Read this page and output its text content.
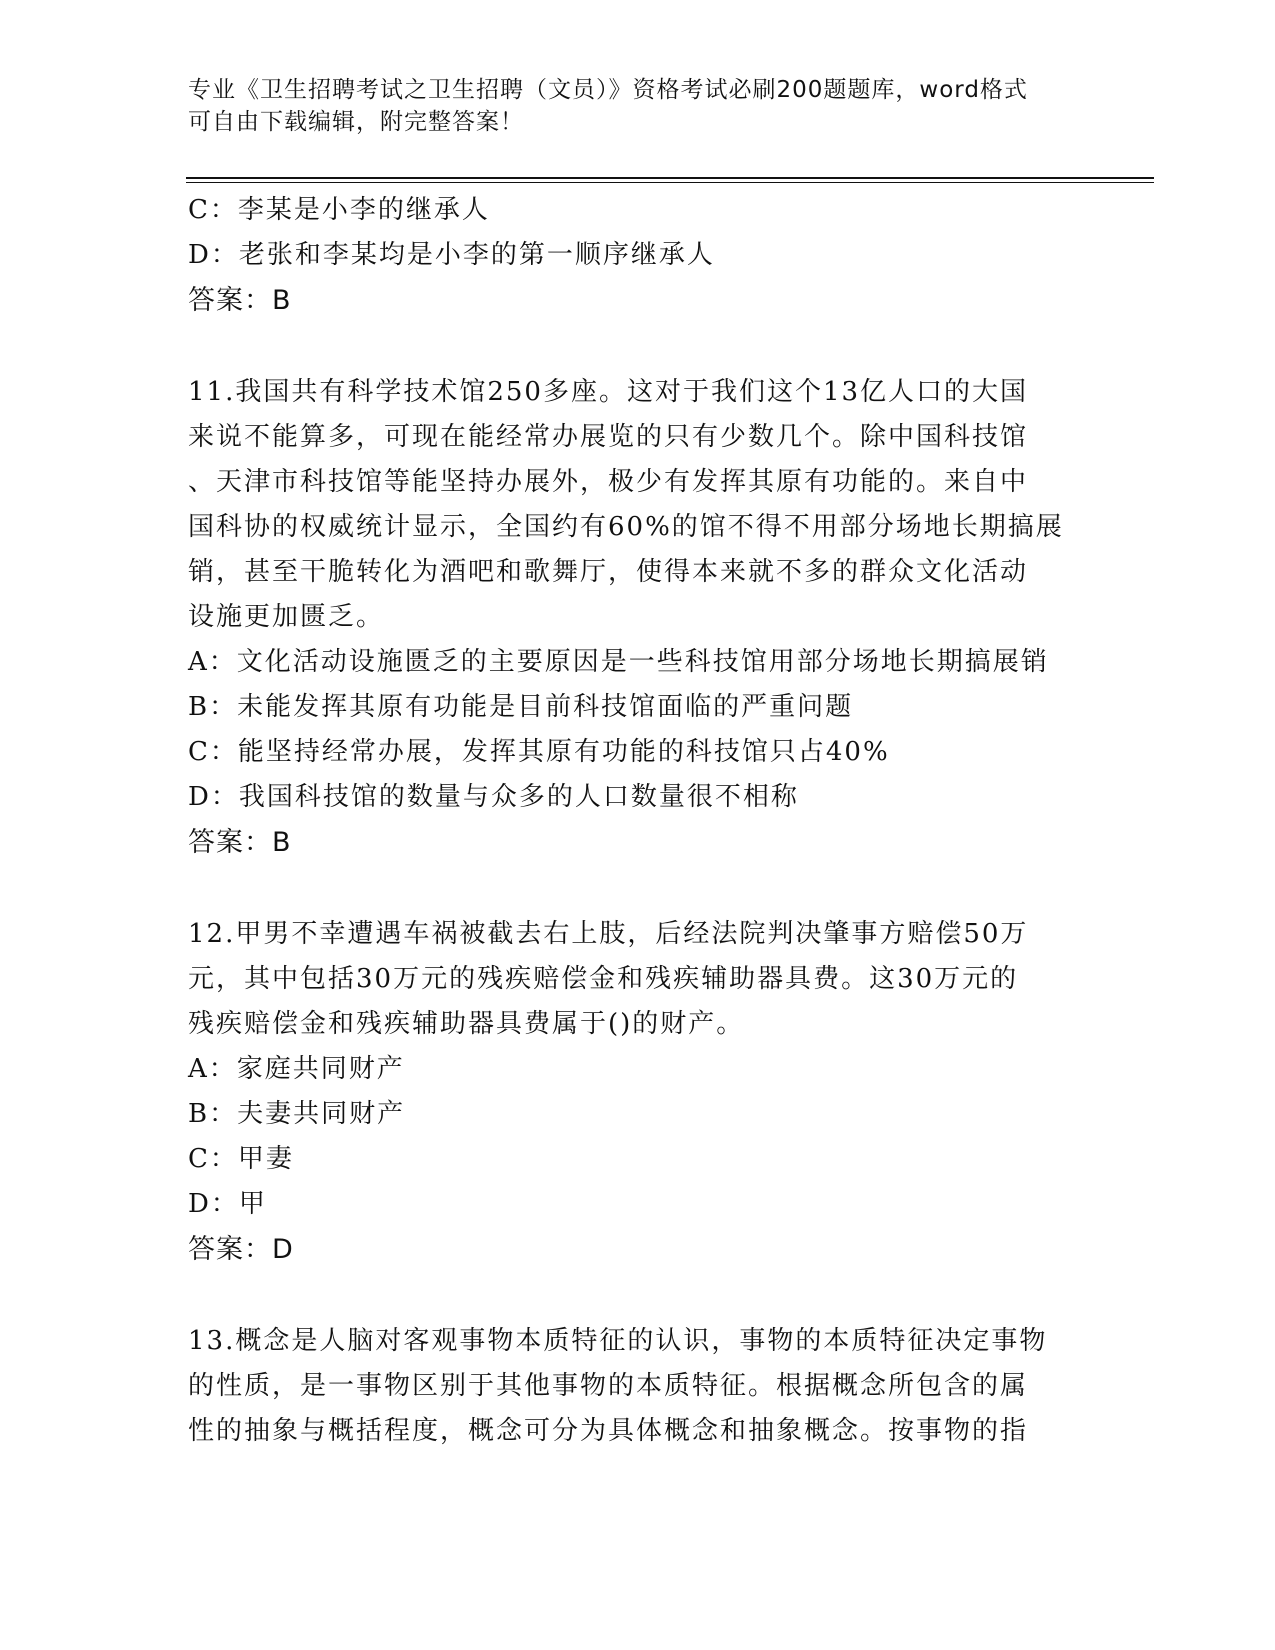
专业《卫生招聘考试之卫生招聘（文员）》资格考试必刷200题题库，word格式
可自由下载编辑，附完整答案！
C：李某是小李的继承人
D：老张和李某均是小李的第一顺序继承人
答案：B
11.我国共有科学技术馆250多座。这对于我们这个13亿人口的大国
来说不能算多，可现在能经常办展览的只有少数几个。除中国科技馆
、天津市科技馆等能坚持办展外，极少有发挥其原有功能的。来自中
国科协的权威统计显示，全国约有60%的馆不得不用部分场地长期搞展
销，甚至干脆转化为酒吧和歌舞厅，使得本来就不多的群众文化活动
设施更加匮乏。
A：文化活动设施匮乏的主要原因是一些科技馆用部分场地长期搞展销
B：未能发挥其原有功能是目前科技馆面临的严重问题
C：能坚持经常办展，发挥其原有功能的科技馆只占40%
D：我国科技馆的数量与众多的人口数量很不相称
答案：B
12.甲男不幸遭遇车祸被截去右上肢，后经法院判决肇事方赔偿50万
元，其中包括30万元的残疾赔偿金和残疾辅助器具费。这30万元的
残疾赔偿金和残疾辅助器具费属于()的财产。
A：家庭共同财产
B：夫妻共同财产
C：甲妻
D：甲
答案：D
13.概念是人脑对客观事物本质特征的认识，事物的本质特征决定事物
的性质，是一事物区别于其他事物的本质特征。根据概念所包含的属
性的抽象与概括程度，概念可分为具体概念和抽象概念。按事物的指
